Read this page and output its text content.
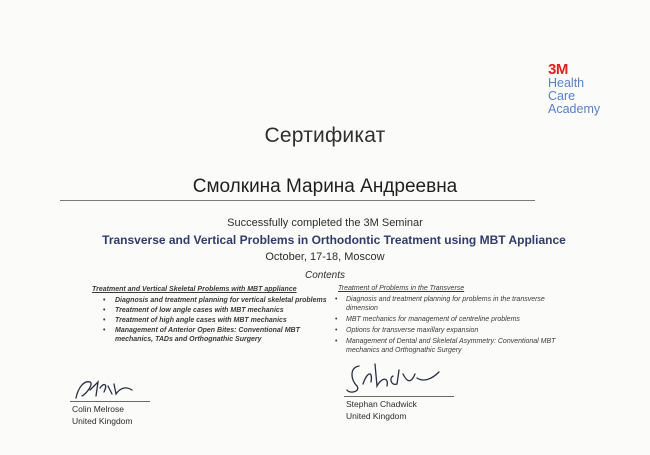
3M
Health
Care
Academy
Сертификат
Смолкина Марина Андреевна
Successfully completed the 3M Seminar
Transverse and Vertical Problems in Orthodontic Treatment using MBT Appliance
October, 17-18, Moscow
Contents
Treatment and Vertical Skeletal Problems with MBT appliance
• Diagnosis and treatment planning for vertical skeletal problems
• Treatment of low angle cases with MBT mechanics
• Treatment of high angle cases with MBT mechanics
• Management of Anterior Open Bites: Conventional MBT mechanics, TADs and Orthognathic Surgery
Treatment of Problems in the Transverse
• Diagnosis and treatment planning for problems in the transverse dimension
• MBT mechanics for management of centreline problems
• Options for transverse maxillary expansion
• Management of Dental and Skeletal Asymmetry: Conventional MBT mechanics and Orthognathic Surgery
Colin Melrose
United Kingdom
Stephan Chadwick
United Kingdom
